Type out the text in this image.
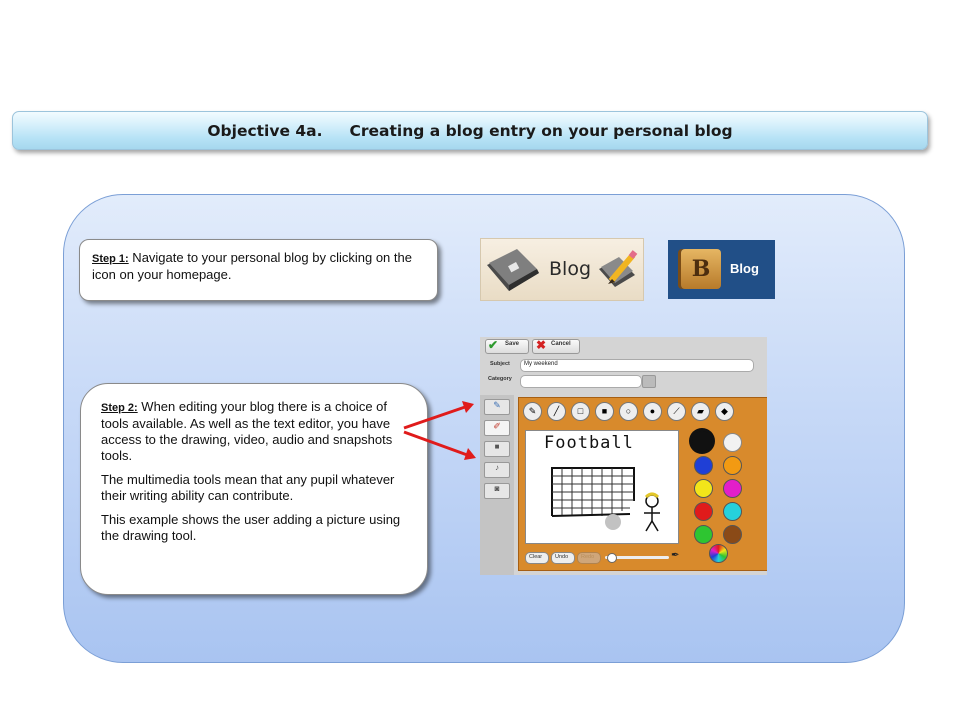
Objective 4a.     Creating a blog entry on your personal blog
Step 1: Navigate to your personal blog by clicking on the icon on your homepage.

Step 2: When editing your blog there is a choice of tools available. As well as the text editor, you have access to the drawing, video, audio and snapshots tools.

The multimedia tools mean that any pupil whatever their writing ability can contribute.

This example shows the user adding a picture using the drawing tool.

Blog	B	Blog
✔ Save ✖ Cancel
Subject My weekend
Category
✎
✐
■
♪
◙
✎	╱	□	■	○	●	⟋	▰	◆
Football
Clear Undo Redo	✒
